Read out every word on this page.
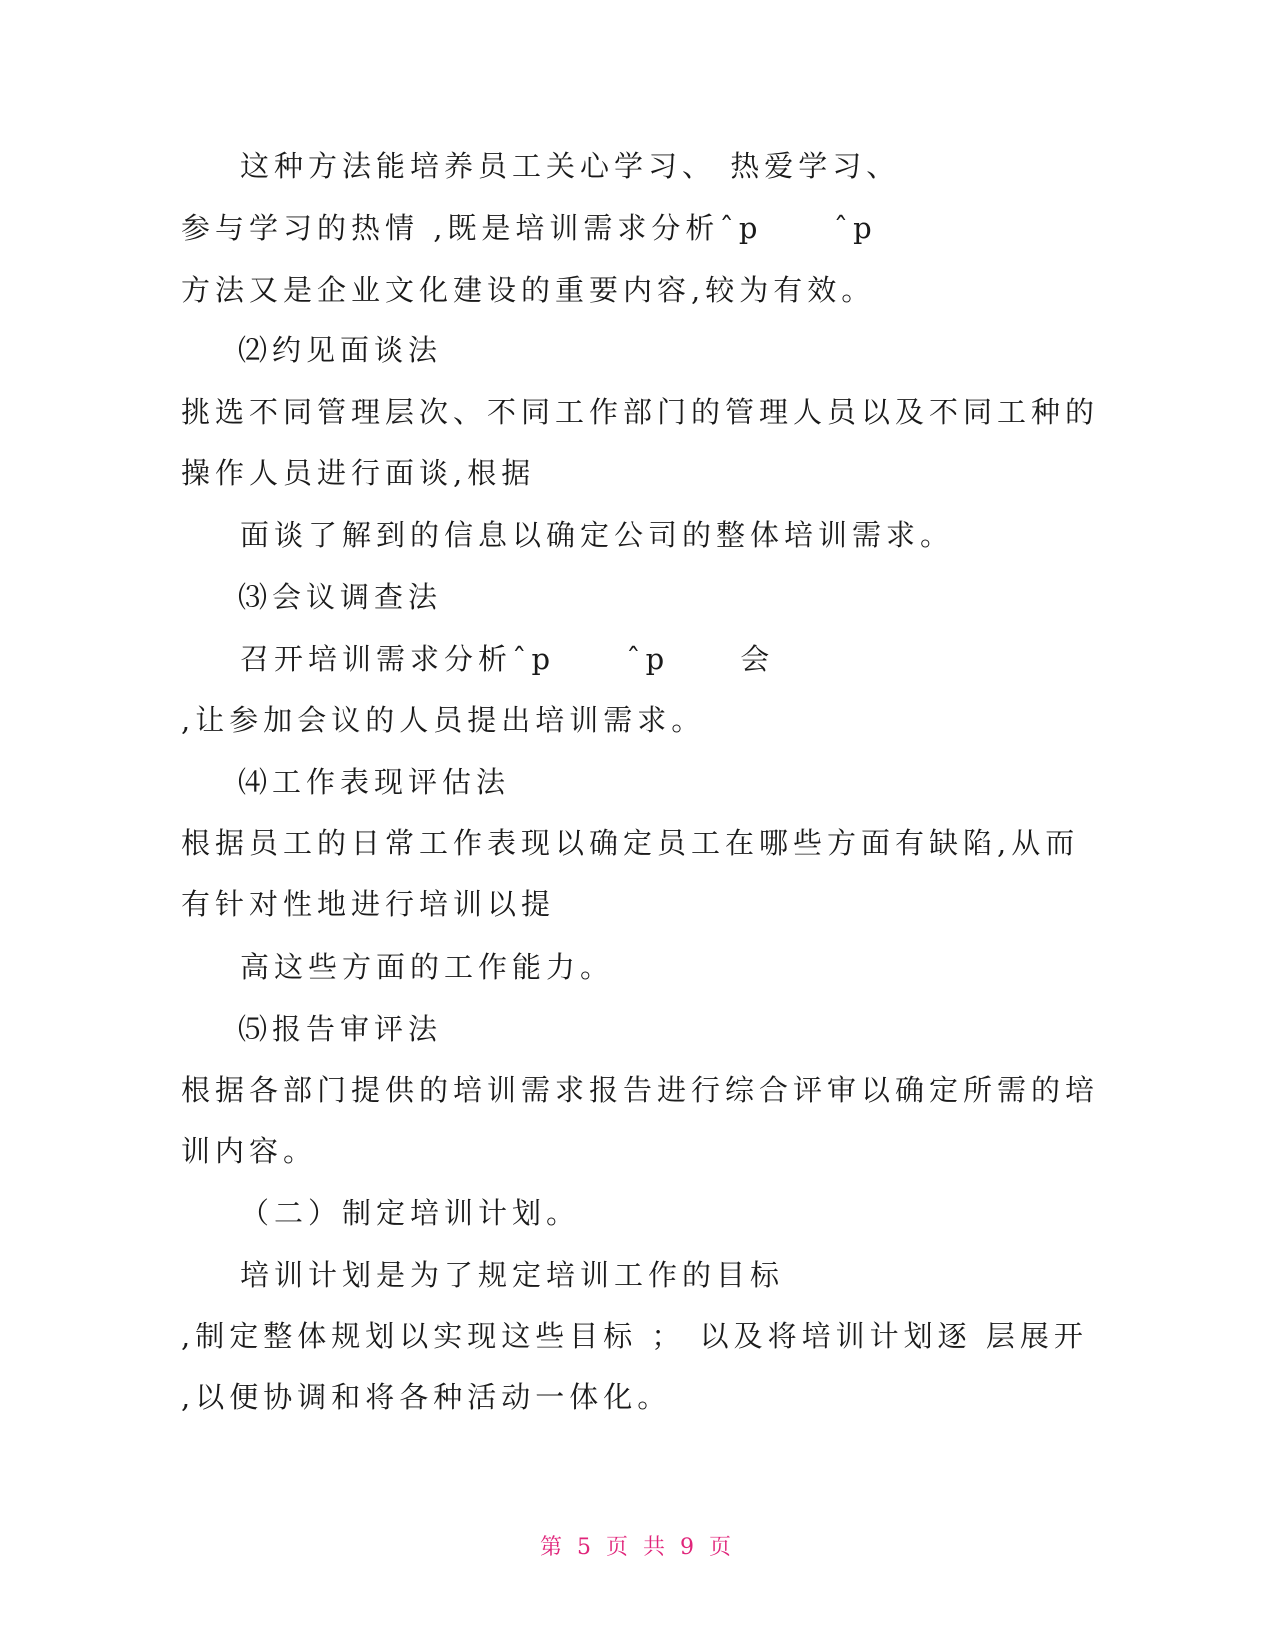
这种方法能培养员工关心学习、 热爱学习、
参与学习的热情 ,既是培训需求分析ˆp     ˆp
方法又是企业文化建设的重要内容,较为有效。
⑵约见面谈法
挑选不同管理层次、不同工作部门的管理人员以及不同工种的
操作人员进行面谈,根据
面谈了解到的信息以确定公司的整体培训需求。
⑶会议调查法
召开培训需求分析ˆp     ˆp     会
,让参加会议的人员提出培训需求。
⑷工作表现评估法
根据员工的日常工作表现以确定员工在哪些方面有缺陷,从而
有针对性地进行培训以提
高这些方面的工作能力。
⑸报告审评法
根据各部门提供的培训需求报告进行综合评审以确定所需的培
训内容。
（二）制定培训计划。
培训计划是为了规定培训工作的目标
,制定整体规划以实现这些目标 ； 以及将培训计划逐 层展开
,以便协调和将各种活动一体化。
第 5 页 共 9 页
